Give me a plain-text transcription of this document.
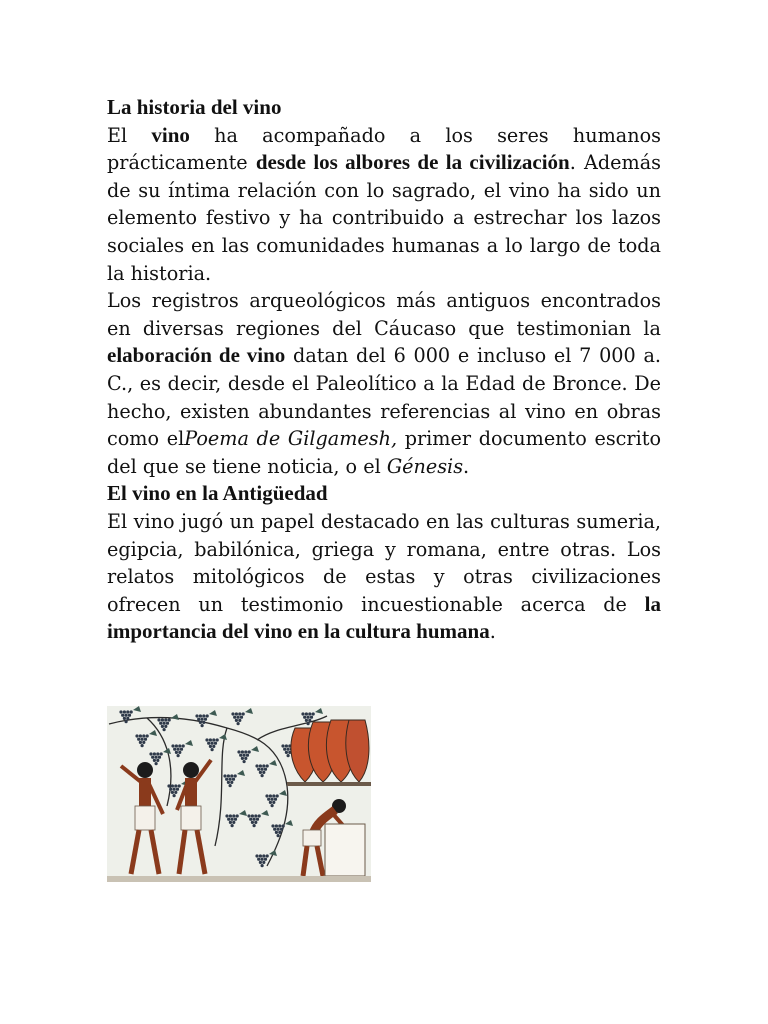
La historia del vino

El vino ha acompañado a los seres humanos prácticamente desde los albores de la civilización. Además de su íntima relación con lo sagrado, el vino ha sido un elemento festivo y ha contribuido a estrechar los lazos sociales en las comunidades humanas a lo largo de toda la historia.

Los registros arqueológicos más antiguos encontrados en diversas regiones del Cáucaso que testimonian la elaboración de vino datan del 6 000 e incluso el 7 000 a. C., es decir, desde el Paleolítico a la Edad de Bronce. De hecho, existen abundantes referencias al vino en obras como elPoema de Gilgamesh, primer documento escrito del que se tiene noticia, o el Génesis.

El vino en la Antigüedad

El vino jugó un papel destacado en las culturas sumeria, egipcia, babilónica, griega y romana, entre otras. Los relatos mitológicos de estas y otras civilizaciones ofrecen un testimonio incuestionable acerca de la importancia del vino en la cultura humana.
